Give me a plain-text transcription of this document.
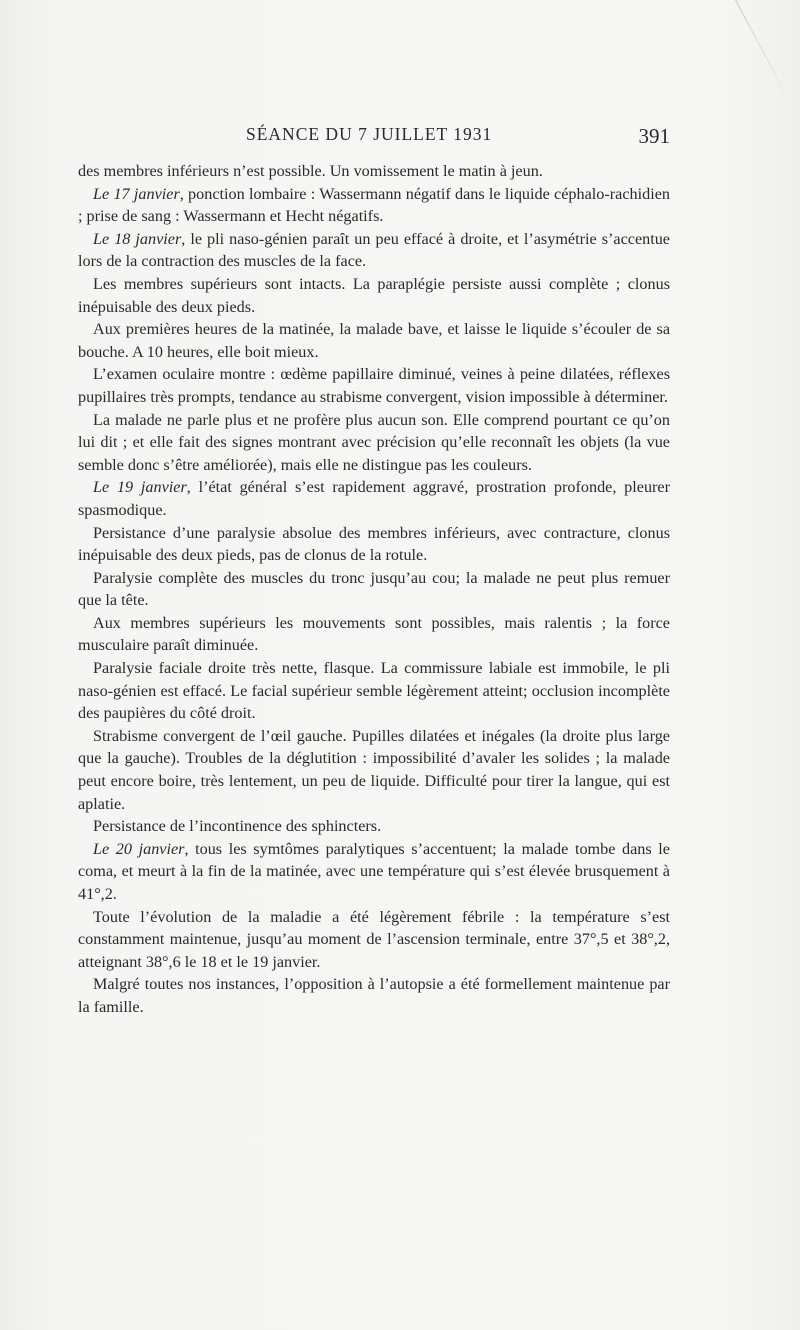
SÉANCE DU 7 JUILLET 1931	391

des membres inférieurs n’est possible. Un vomissement le matin à jeun.

Le 17 janvier, ponction lombaire : Wassermann négatif dans le liquide céphalo-rachidien ; prise de sang : Wassermann et Hecht négatifs.

Le 18 janvier, le pli naso-génien paraît un peu effacé à droite, et l’asymétrie s’accentue lors de la contraction des muscles de la face.

Les membres supérieurs sont intacts. La paraplégie persiste aussi complète ; clonus inépuisable des deux pieds.

Aux premières heures de la matinée, la malade bave, et laisse le liquide s’écouler de sa bouche. A 10 heures, elle boit mieux.

L’examen oculaire montre : œdème papillaire diminué, veines à peine dilatées, réflexes pupillaires très prompts, tendance au strabisme convergent, vision impossible à déterminer.

La malade ne parle plus et ne profère plus aucun son. Elle comprend pourtant ce qu’on lui dit ; et elle fait des signes montrant avec précision qu’elle reconnaît les objets (la vue semble donc s’être améliorée), mais elle ne distingue pas les couleurs.

Le 19 janvier, l’état général s’est rapidement aggravé, prostration profonde, pleurer spasmodique.

Persistance d’une paralysie absolue des membres inférieurs, avec contracture, clonus inépuisable des deux pieds, pas de clonus de la rotule.

Paralysie complète des muscles du tronc jusqu’au cou; la malade ne peut plus remuer que la tête.

Aux membres supérieurs les mouvements sont possibles, mais ralentis ; la force musculaire paraît diminuée.

Paralysie faciale droite très nette, flasque. La commissure labiale est immobile, le pli naso-génien est effacé. Le facial supérieur semble légèrement atteint; occlusion incomplète des paupières du côté droit.

Strabisme convergent de l’œil gauche. Pupilles dilatées et inégales (la droite plus large que la gauche). Troubles de la déglutition : impossibilité d’avaler les solides ; la malade peut encore boire, très lentement, un peu de liquide. Difficulté pour tirer la langue, qui est aplatie.

Persistance de l’incontinence des sphincters.

Le 20 janvier, tous les symtômes paralytiques s’accentuent; la malade tombe dans le coma, et meurt à la fin de la matinée, avec une température qui s’est élevée brusquement à 41°,2.

Toute l’évolution de la maladie a été légèrement fébrile : la température s’est constamment maintenue, jusqu’au moment de l’ascension terminale, entre 37°,5 et 38°,2, atteignant 38°,6 le 18 et le 19 janvier.

Malgré toutes nos instances, l’opposition à l’autopsie a été formellement maintenue par la famille.
